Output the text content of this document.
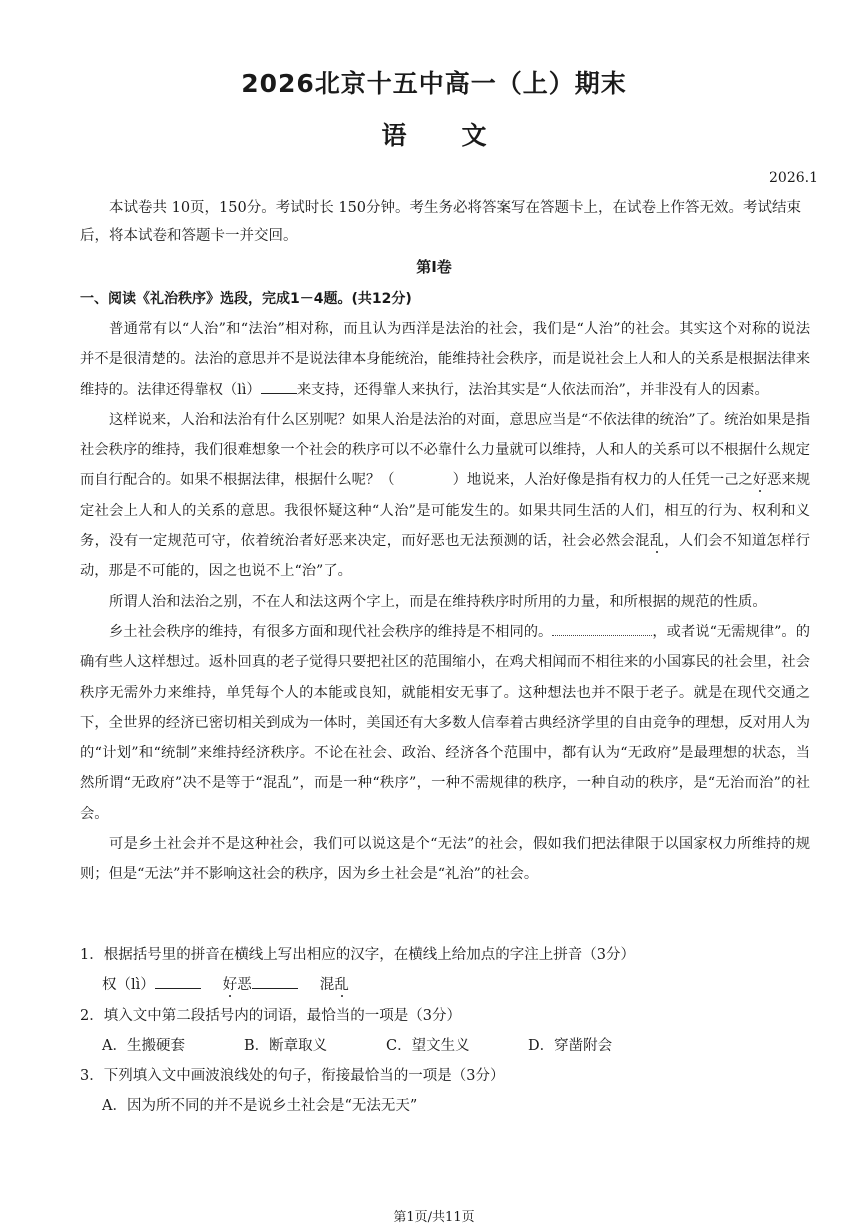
2026北京十五中高一（上）期末
语文
2026.1
本试卷共 10页，150分。考试时长 150分钟。考生务必将答案写在答题卡上，在试卷上作答无效。考试结束后，将本试卷和答题卡一并交回。
第Ⅰ卷
一、阅读《礼治秩序》选段，完成1－4题。(共12分)

普通常有以“人治”和“法治”相对称，而且认为西洋是法治的社会，我们是“人治”的社会。其实这个对称的说法并不是很清楚的。法治的意思并不是说法律本身能统治，能维持社会秩序，而是说社会上人和人的关系是根据法律来维持的。法律还得靠权（lì）	来支持，还得靠人来执行，法治其实是“人依法而治”，并非没有人的因素。

这样说来，人治和法治有什么区别呢？如果人治是法治的对面，意思应当是“不依法律的统治”了。统治如果是指社会秩序的维持，我们很难想象一个社会的秩序可以不必靠什么力量就可以维持，人和人的关系可以不根据什么规定而自行配合的。如果不根据法律，根据什么呢？（	）地说来，人治好像是指有权力的人任凭一己之好恶来规定社会上人和人的关系的意思。我很怀疑这种“人治”是可能发生的。如果共同生活的人们，相互的行为、权利和义务，没有一定规范可守，依着统治者好恶来决定，而好恶也无法预测的话，社会必然会混乱，人们会不知道怎样行动，那是不可能的，因之也说不上“治”了。

所谓人治和法治之别，不在人和法这两个字上，而是在维持秩序时所用的力量，和所根据的规范的性质。

乡土社会秩序的维持，有很多方面和现代社会秩序的维持是不相同的。	，或者说“无需规律”。的确有些人这样想过。返朴回真的老子觉得只要把社区的范围缩小，在鸡犬相闻而不相往来的小国寡民的社会里，社会秩序无需外力来维持，单凭每个人的本能或良知，就能相安无事了。这种想法也并不限于老子。就是在现代交通之下，全世界的经济已密切相关到成为一体时，美国还有大多数人信奉着古典经济学里的自由竞争的理想，反对用人为的“计划”和“统制”来维持经济秩序。不论在社会、政治、经济各个范围中，都有认为“无政府”是最理想的状态，当然所谓“无政府”决不是等于“混乱”，而是一种“秩序”，一种不需规律的秩序，一种自动的秩序，是“无治而治”的社会。

可是乡土社会并不是这种社会，我们可以说这是个“无法”的社会，假如我们把法律限于以国家权力所维持的规则；但是“无法”并不影响这社会的秩序，因为乡土社会是“礼治”的社会。

1．根据括号里的拼音在横线上写出相应的汉字，在横线上给加点的字注上拼音（3分）
权（lì）	好恶	混乱
2．填入文中第二段括号内的词语，最恰当的一项是（3分）
A．生搬硬套	B．断章取义	C．望文生义	D．穿凿附会
3．下列填入文中画波浪线处的句子，衔接最恰当的一项是（3分）
A．因为所不同的并不是说乡土社会是“无法无天”
第1页/共11页
